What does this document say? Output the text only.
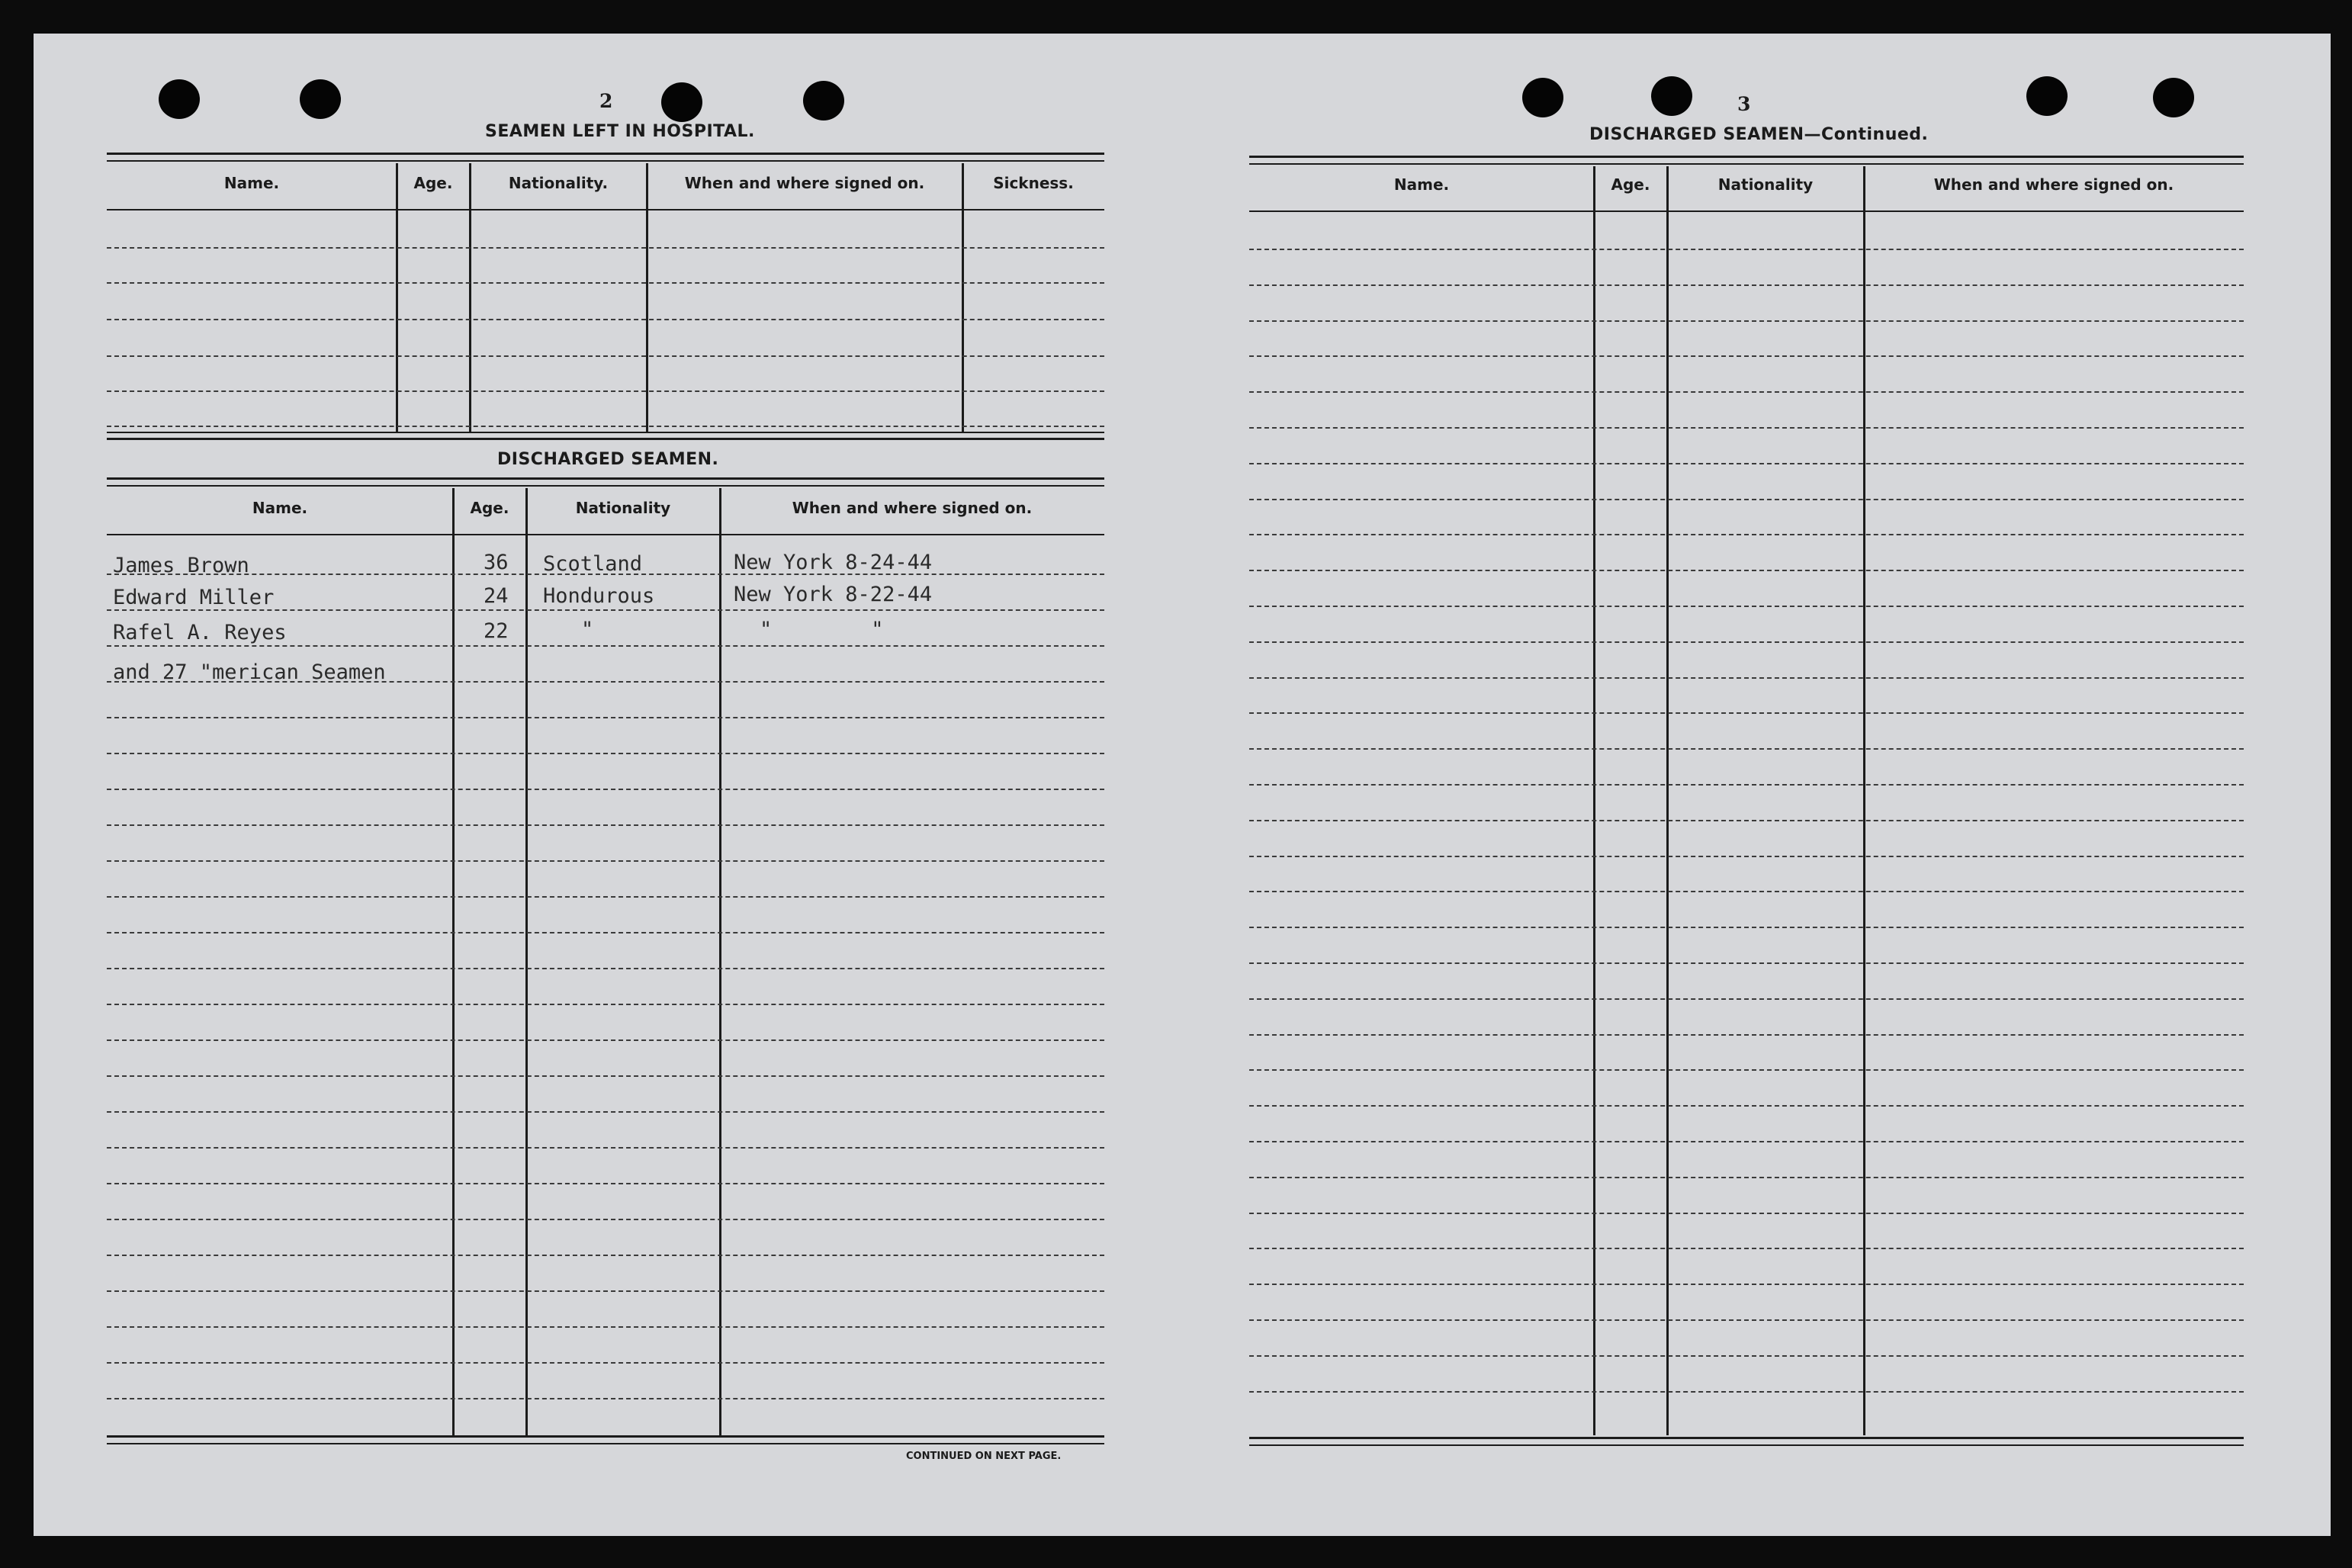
2
SEAMEN LEFT IN HOSPITAL.
Name.	Age.	Nationality.	When and where signed on.	Sickness.
DISCHARGED SEAMEN.
Name.	Age.	Nationality	When and where signed on.
James Brown	36 Scotland	New York 8-24-44
Edward Miller	24 Hondurous	New York 8-22-44
Rafel A. Reyes	22	"	"        "
and 27 "merican Seamen
CONTINUED ON NEXT PAGE.
3
DISCHARGED SEAMEN—Continued.
Name.	Age.	Nationality	When and where signed on.
